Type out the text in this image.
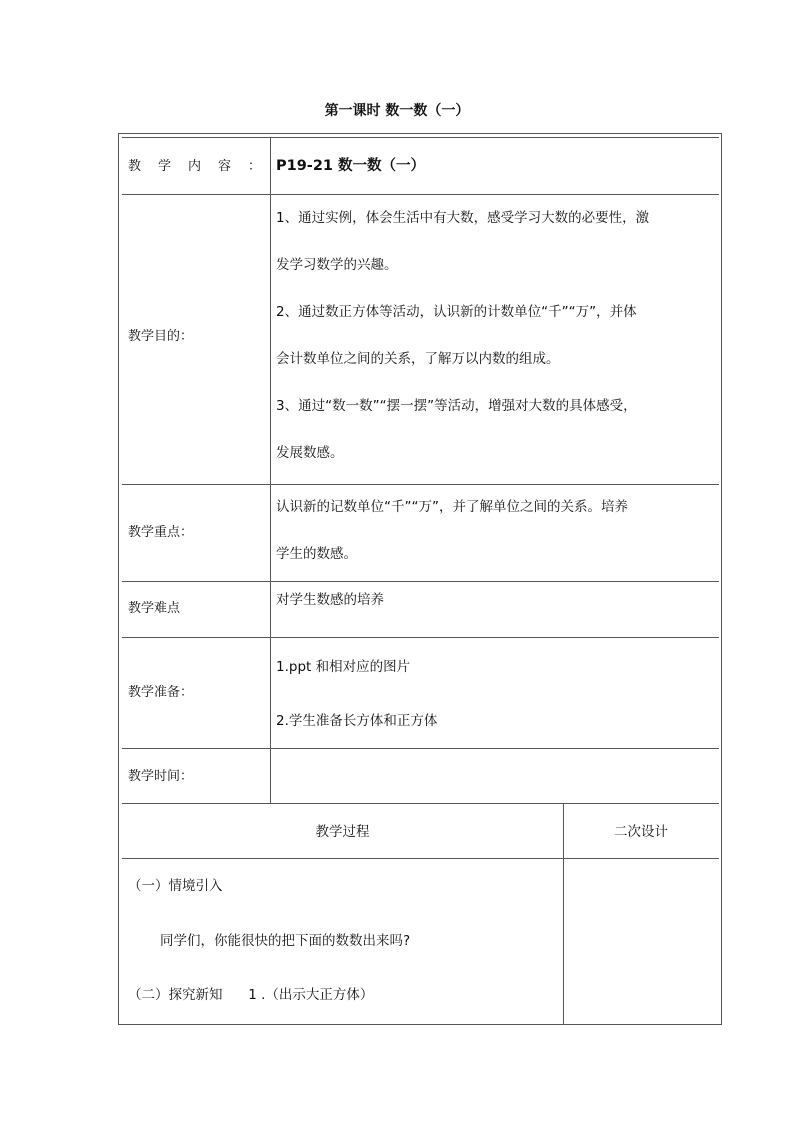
第一课时 数一数（一）
教　学　内　容　： P19-21 数一数（一）
教学目的：

1、通过实例，体会生活中有大数，感受学习大数的必要性，激

发学习数学的兴趣。

2、通过数正方体等活动，认识新的计数单位“千”“万”，并体

会计数单位之间的关系，了解万以内数的组成。

3、通过“数一数”“摆一摆”等活动，增强对大数的具体感受，

发展数感。

教学重点：

认识新的记数单位“千”“万”，并了解单位之间的关系。培养

学生的数感。

教学难点
对学生数感的培养
教学准备：
1.ppt 和相对应的图片
2.学生准备长方体和正方体
教学时间：
教学过程	二次设计
（一）情境引入
同学们，你能很快的把下面的数数出来吗?
（二）探究新知      1 .（出示大正方体）
